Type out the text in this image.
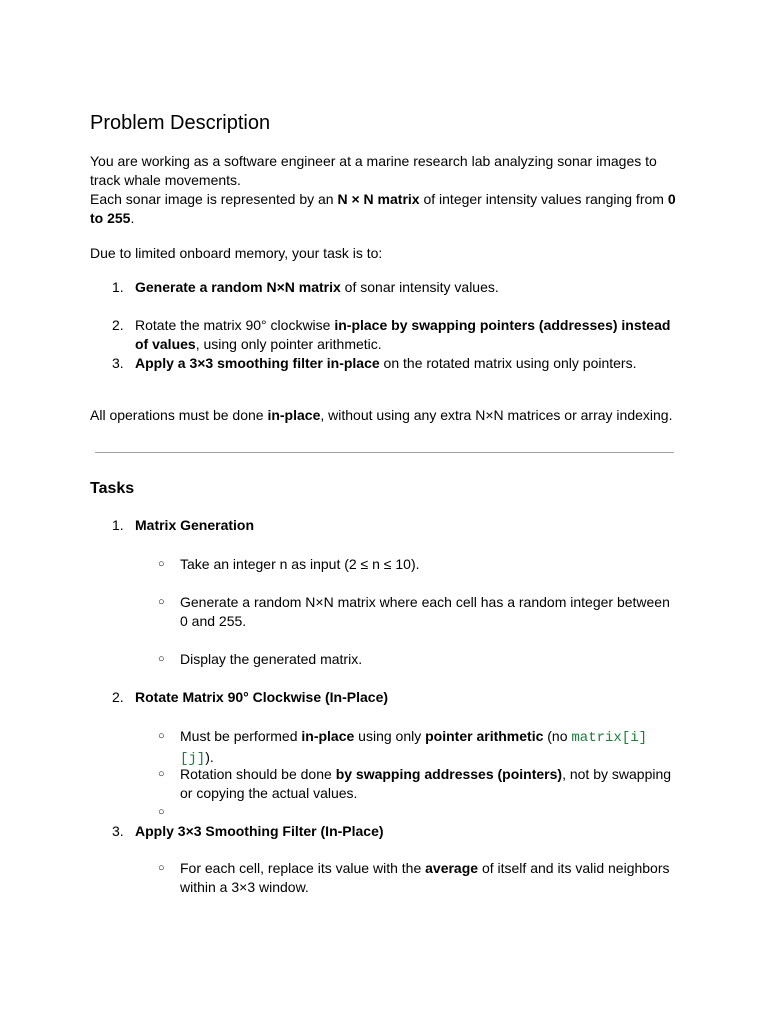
Problem Description

You are working as a software engineer at a marine research lab analyzing sonar images to track whale movements.
Each sonar image is represented by an N × N matrix of integer intensity values ranging from 0 to 255.

Due to limited onboard memory, your task is to:

1. Generate a random N×N matrix of sonar intensity values.
2. Rotate the matrix 90° clockwise in-place by swapping pointers (addresses) instead of values, using only pointer arithmetic.
3. Apply a 3×3 smoothing filter in-place on the rotated matrix using only pointers.

All operations must be done in-place, without using any extra N×N matrices or array indexing.

Tasks
1. Matrix Generation
○ Take an integer n as input (2 ≤ n ≤ 10).
○ Generate a random N×N matrix where each cell has a random integer between 0 and 255.
○ Display the generated matrix.
2. Rotate Matrix 90° Clockwise (In-Place)
○ Must be performed in-place using only pointer arithmetic (no matrix[i][j]).
○ Rotation should be done by swapping addresses (pointers), not by swapping or copying the actual values.
○
3. Apply 3×3 Smoothing Filter (In-Place)
○ For each cell, replace its value with the average of itself and its valid neighbors within a 3×3 window.
